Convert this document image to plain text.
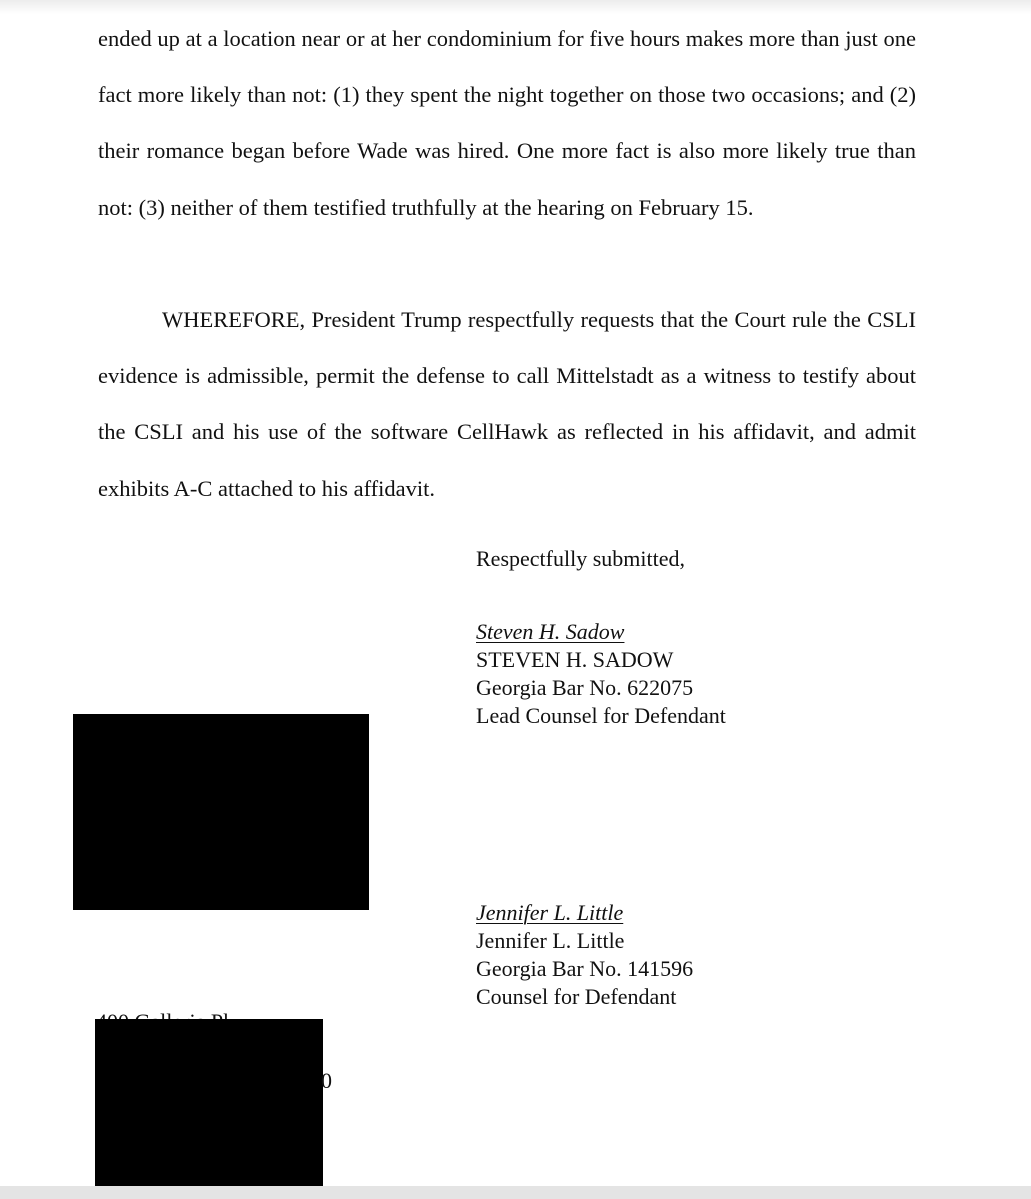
ended up at a location near or at her condominium for five hours makes more than just one fact more likely than not: (1) they spent the night together on those two occasions; and (2) their romance began before Wade was hired. One more fact is also more likely true than not: (3) neither of them testified truthfully at the hearing on February 15.

WHEREFORE, President Trump respectfully requests that the Court rule the CSLI evidence is admissible, permit the defense to call Mittelstadt as a witness to testify about the CSLI and his use of the software CellHawk as reflected in his affidavit, and admit exhibits A-C attached to his affidavit.

Respectfully submitted,
Steven H. Sadow
STEVEN H. SADOW
Georgia Bar No. 622075
Lead Counsel for Defendant
Jennifer L. Little
Jennifer L. Little
Georgia Bar No. 141596
Counsel for Defendant
0
